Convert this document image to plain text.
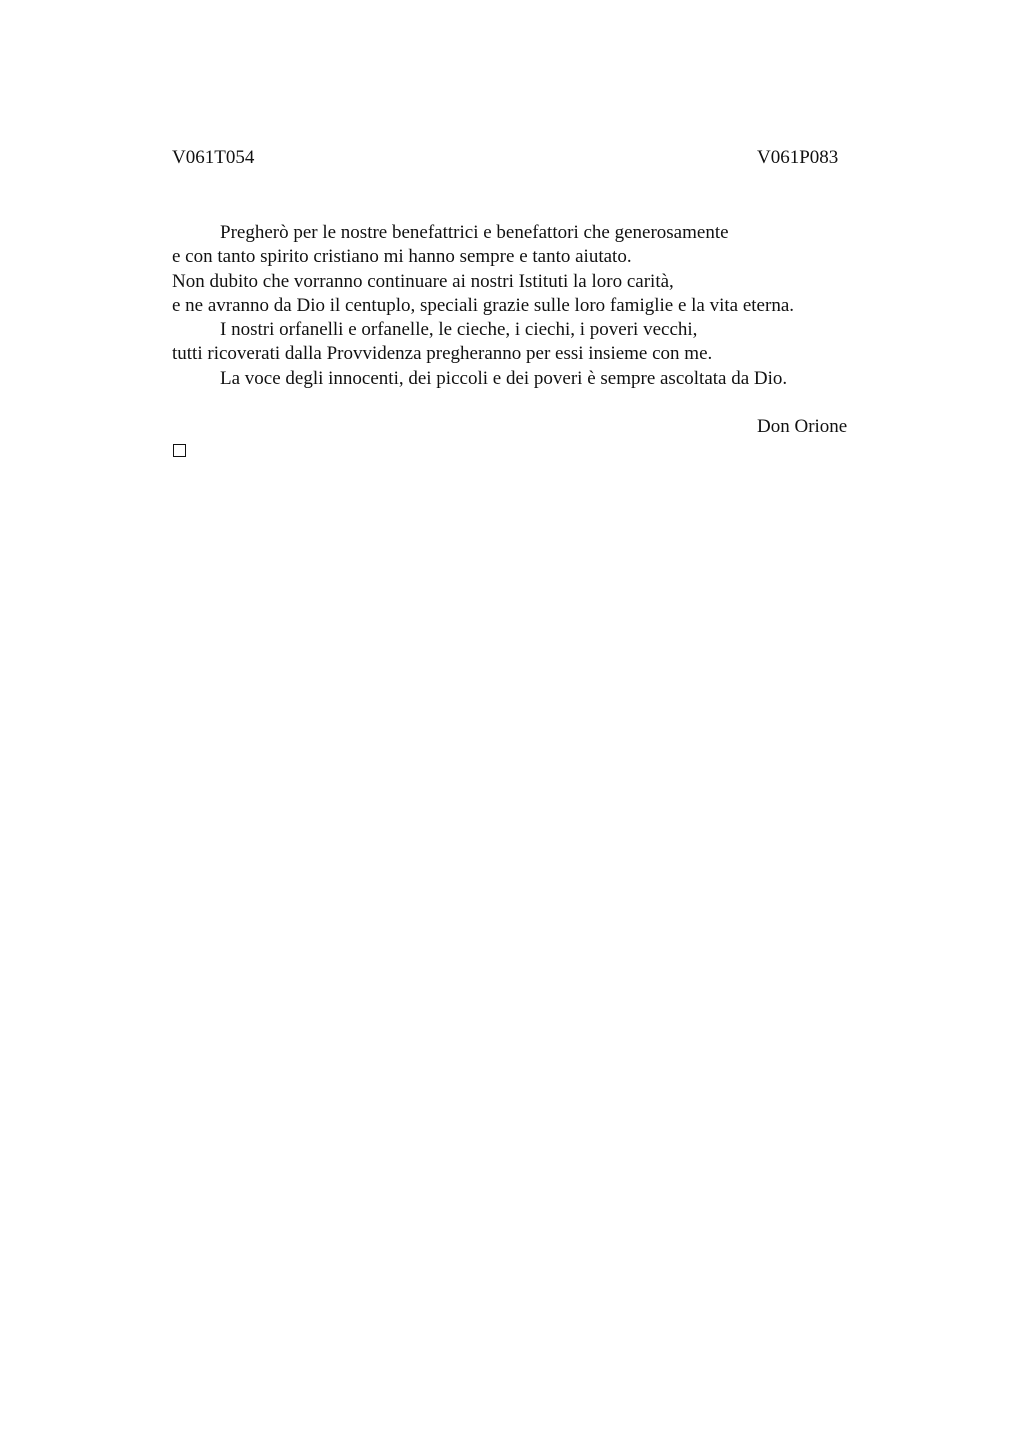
V061T054	V061P083
Pregherò per le nostre benefattrici e benefattori che generosamente
e con tanto spirito cristiano mi hanno sempre e tanto aiutato.
Non dubito che vorranno continuare ai nostri Istituti la loro carità,
e ne avranno da Dio il centuplo, speciali grazie sulle loro famiglie e la vita eterna.
I nostri orfanelli e orfanelle, le cieche, i ciechi, i poveri vecchi,
tutti ricoverati dalla Provvidenza pregheranno per essi insieme con me.
La voce degli innocenti, dei piccoli e dei poveri è sempre ascoltata da Dio.
Don Orione
